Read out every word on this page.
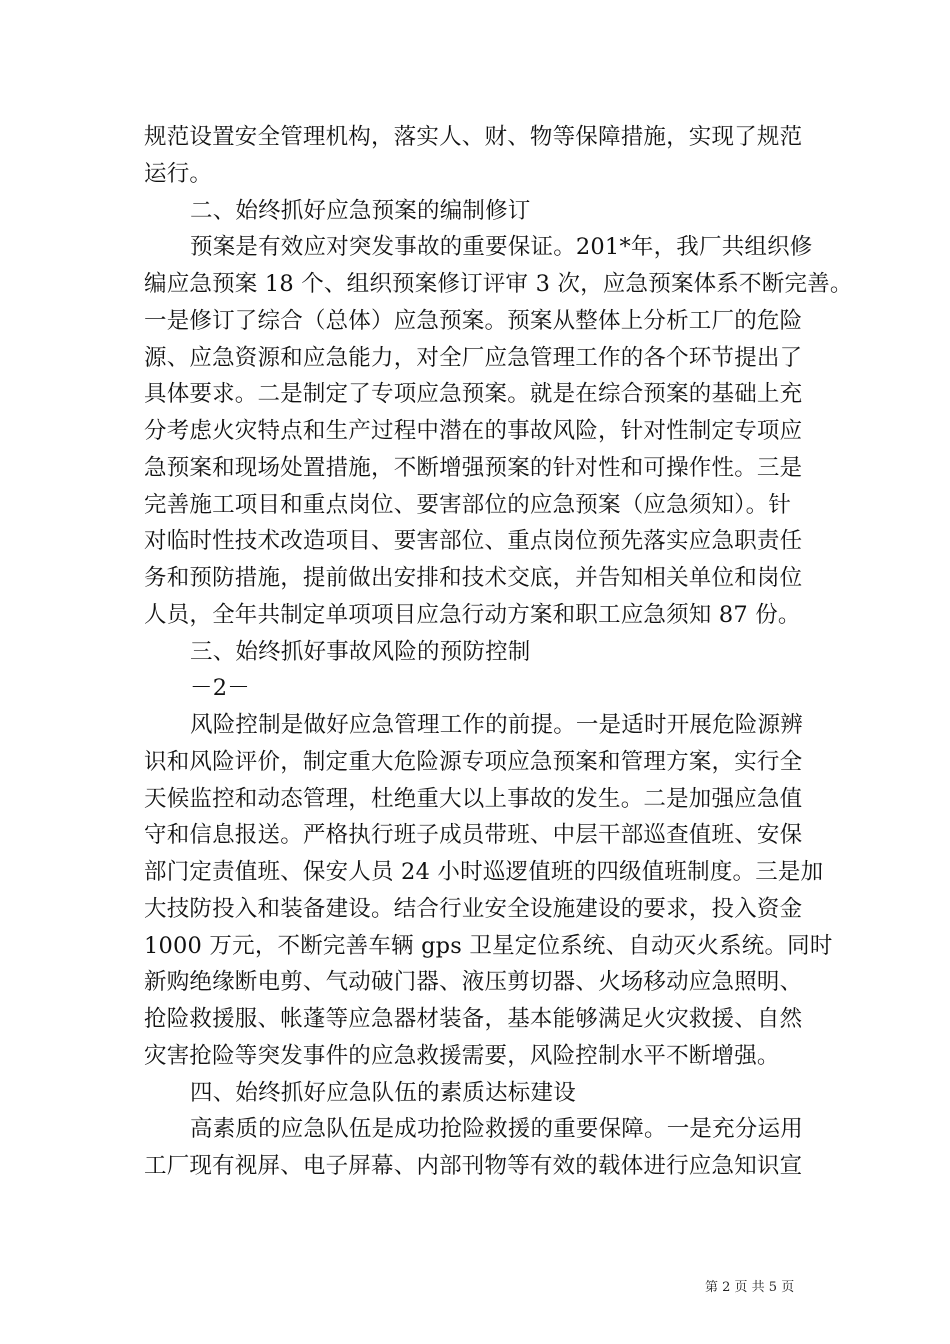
规范设置安全管理机构，落实人、财、物等保障措施，实现了规范
运行。
二、始终抓好应急预案的编制修订
预案是有效应对突发事故的重要保证。201*年，我厂共组织修
编应急预案 18 个、组织预案修订评审 3 次，应急预案体系不断完善。
一是修订了综合（总体）应急预案。预案从整体上分析工厂的危险
源、应急资源和应急能力，对全厂应急管理工作的各个环节提出了
具体要求。二是制定了专项应急预案。就是在综合预案的基础上充
分考虑火灾特点和生产过程中潜在的事故风险，针对性制定专项应
急预案和现场处置措施，不断增强预案的针对性和可操作性。三是
完善施工项目和重点岗位、要害部位的应急预案（应急须知）。针
对临时性技术改造项目、要害部位、重点岗位预先落实应急职责任
务和预防措施，提前做出安排和技术交底，并告知相关单位和岗位
人员，全年共制定单项项目应急行动方案和职工应急须知 87 份。
三、始终抓好事故风险的预防控制
－2－
风险控制是做好应急管理工作的前提。一是适时开展危险源辨
识和风险评价，制定重大危险源专项应急预案和管理方案，实行全
天候监控和动态管理，杜绝重大以上事故的发生。二是加强应急值
守和信息报送。严格执行班子成员带班、中层干部巡查值班、安保
部门定责值班、保安人员 24 小时巡逻值班的四级值班制度。三是加
大技防投入和装备建设。结合行业安全设施建设的要求，投入资金
1000 万元，不断完善车辆 gps 卫星定位系统、自动灭火系统。同时
新购绝缘断电剪、气动破门器、液压剪切器、火场移动应急照明、
抢险救援服、帐蓬等应急器材装备，基本能够满足火灾救援、自然
灾害抢险等突发事件的应急救援需要，风险控制水平不断增强。
四、始终抓好应急队伍的素质达标建设
高素质的应急队伍是成功抢险救援的重要保障。一是充分运用
工厂现有视屏、电子屏幕、内部刊物等有效的载体进行应急知识宣
第 2 页 共 5 页
